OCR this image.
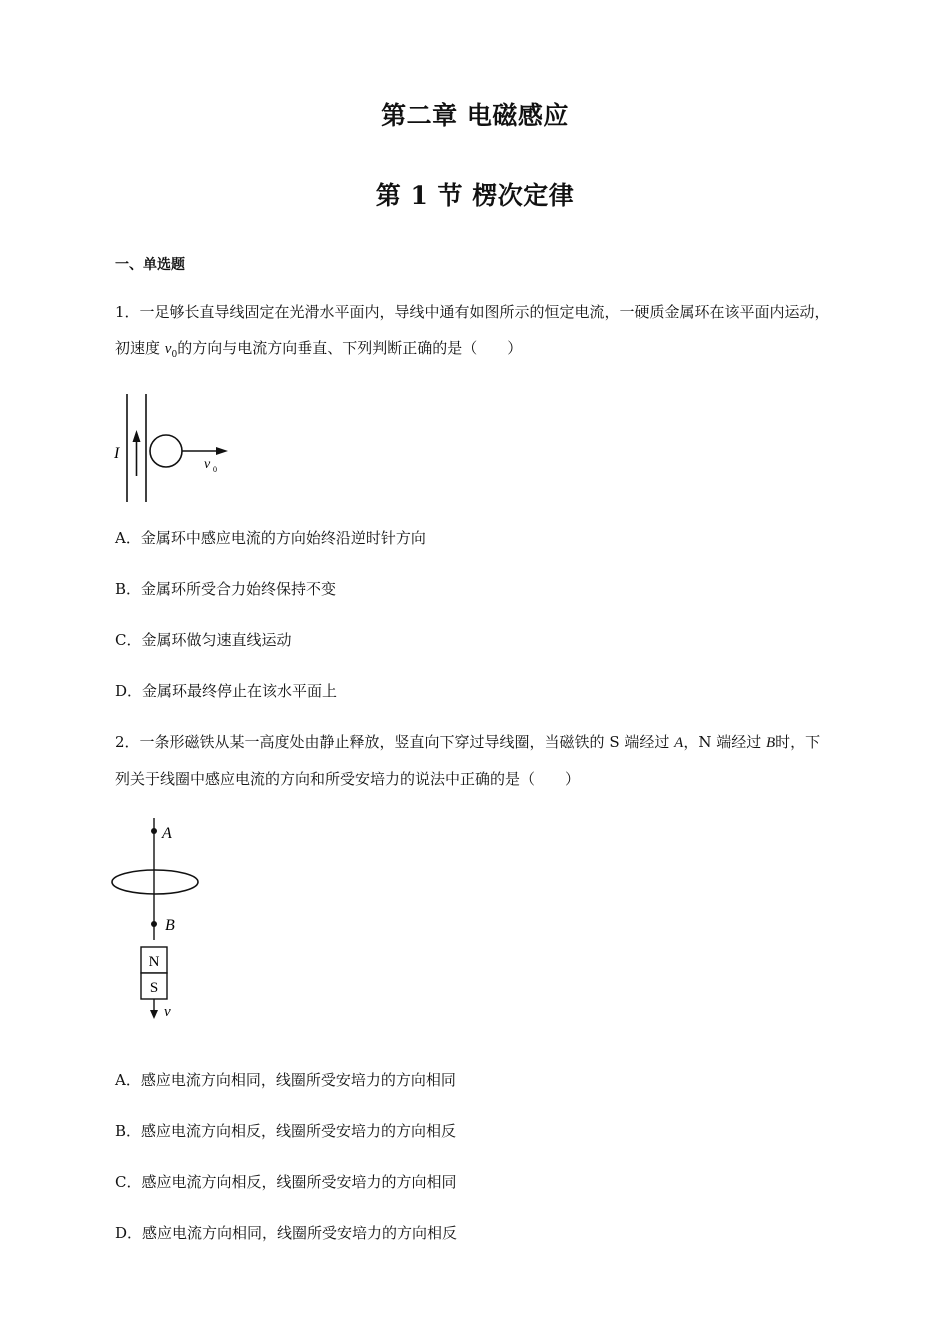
第二章 电磁感应
第 1 节 楞次定律
一、单选题
1．一足够长直导线固定在光滑水平面内，导线中通有如图所示的恒定电流，一硬质金属环在该平面内运动，初速度 $v_0$的方向与电流方向垂直、下列判断正确的是（　　）
I
v 0
A．金属环中感应电流的方向始终沿逆时针方向
B．金属环所受合力始终保持不变
C．金属环做匀速直线运动
D．金属环最终停止在该水平面上
2．一条形磁铁从某一高度处由静止释放，竖直向下穿过导线圈，当磁铁的 S 端经过 A，N 端经过 B时，下列关于线圈中感应电流的方向和所受安培力的说法中正确的是（　　）
A
B
N
S
v
A．感应电流方向相同，线圈所受安培力的方向相同
B．感应电流方向相反，线圈所受安培力的方向相反
C．感应电流方向相反，线圈所受安培力的方向相同
D．感应电流方向相同，线圈所受安培力的方向相反
